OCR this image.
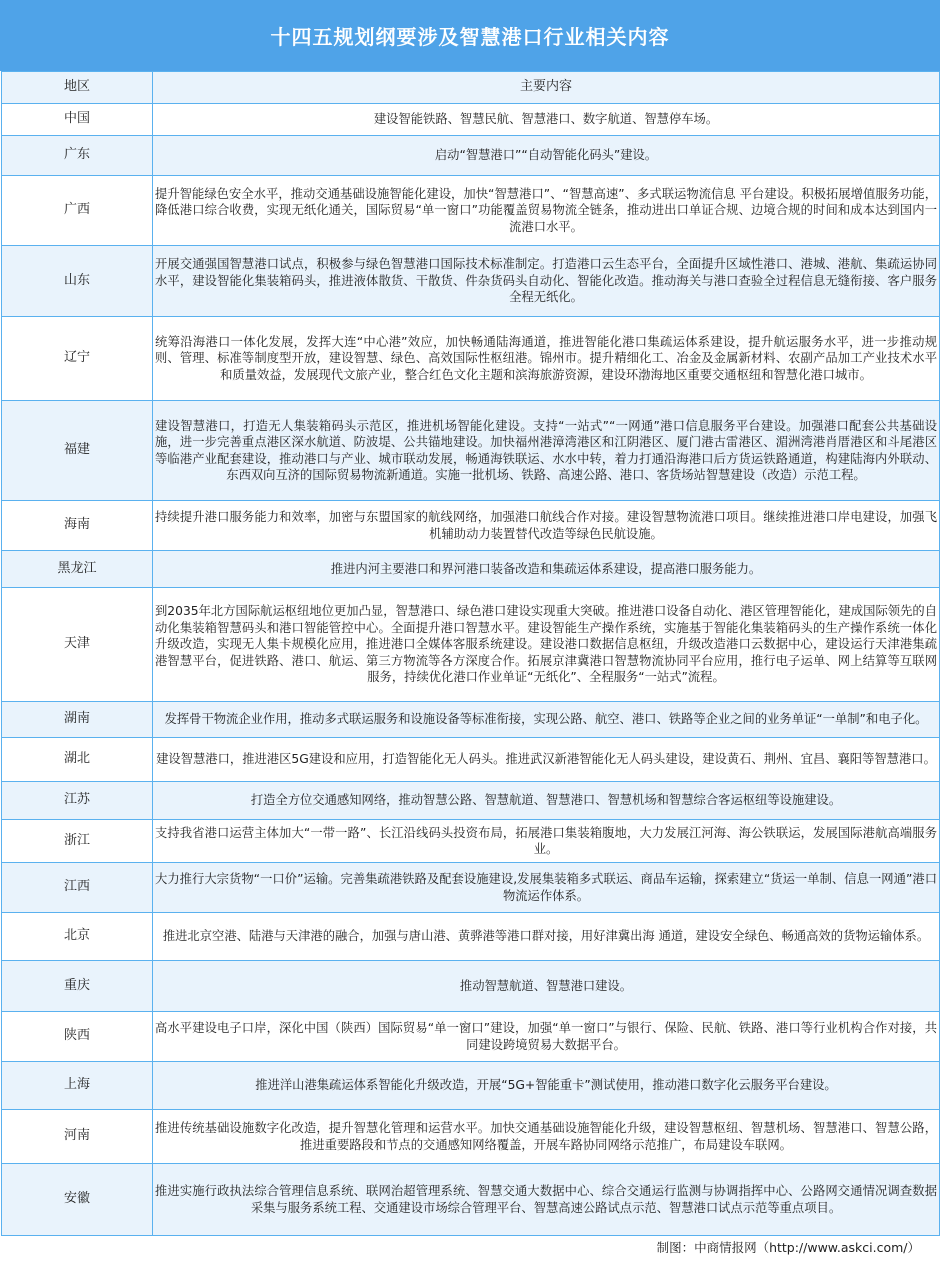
十四五规划纲要涉及智慧港口行业相关内容
地区	主要内容
中国	建设智能铁路、智慧民航、智慧港口、数字航道、智慧停车场。
广东	启动“智慧港口”“自动智能化码头”建设。
广西	提升智能绿色安全水平，推动交通基础设施智能化建设，加快“智慧港口”、“智慧高速”、多式联运物流信息 平台建设。积极拓展增值服务功能，降低港口综合收费，实现无纸化通关，国际贸易“单一窗口”功能覆盖贸易物流全链条，推动进出口单证合规、边境合规的时间和成本达到国内一流港口水平。
山东	开展交通强国智慧港口试点，积极参与绿色智慧港口国际技术标准制定。打造港口云生态平台，全面提升区域性港口、港城、港航、集疏运协同水平，建设智能化集装箱码头，推进液体散货、干散货、件杂货码头自动化、智能化改造。推动海关与港口查验全过程信息无缝衔接、客户服务全程无纸化。
辽宁	统筹沿海港口一体化发展，发挥大连“中心港”效应，加快畅通陆海通道，推进智能化港口集疏运体系建设，提升航运服务水平，进一步推动规则、管理、标准等制度型开放，建设智慧、绿色、高效国际性枢纽港。锦州市。提升精细化工、冶金及金属新材料、农副产品加工产业技术水平和质量效益，发展现代文旅产业，整合红色文化主题和滨海旅游资源，建设环渤海地区重要交通枢纽和智慧化港口城市。
福建	建设智慧港口，打造无人集装箱码头示范区，推进机场智能化建设。支持“一站式”“一网通”港口信息服务平台建设。加强港口配套公共基础设施，进一步完善重点港区深水航道、防波堤、公共锚地建设。加快福州港漳湾港区和江阴港区、厦门港古雷港区、湄洲湾港肖厝港区和斗尾港区等临港产业配套建设，推动港口与产业、城市联动发展，畅通海铁联运、水水中转，着力打通沿海港口后方货运铁路通道，构建陆海内外联动、东西双向互济的国际贸易物流新通道。实施一批机场、铁路、高速公路、港口、客货场站智慧建设（改造）示范工程。
海南	持续提升港口服务能力和效率，加密与东盟国家的航线网络，加强港口航线合作对接。建设智慧物流港口项目。继续推进港口岸电建设，加强飞机辅助动力装置替代改造等绿色民航设施。
黑龙江	推进内河主要港口和界河港口装备改造和集疏运体系建设，提高港口服务能力。
天津	到2035年北方国际航运枢纽地位更加凸显，智慧港口、绿色港口建设实现重大突破。推进港口设备自动化、港区管理智能化，建成国际领先的自动化集装箱智慧码头和港口智能管控中心。全面提升港口智慧水平。建设智能生产操作系统，实施基于智能化集装箱码头的生产操作系统一体化升级改造，实现无人集卡规模化应用，推进港口全媒体客服系统建设。建设港口数据信息枢纽，升级改造港口云数据中心，建设运行天津港集疏港智慧平台，促进铁路、港口、航运、第三方物流等各方深度合作。拓展京津冀港口智慧物流协同平台应用，推行电子运单、网上结算等互联网服务，持续优化港口作业单证“无纸化”、全程服务“一站式”流程。
湖南	发挥骨干物流企业作用，推动多式联运服务和设施设备等标准衔接，实现公路、航空、港口、铁路等企业之间的业务单证“一单制”和电子化。
湖北	建设智慧港口，推进港区5G建设和应用，打造智能化无人码头。推进武汉新港智能化无人码头建设，建设黄石、荆州、宜昌、襄阳等智慧港口。
江苏	打造全方位交通感知网络，推动智慧公路、智慧航道、智慧港口、智慧机场和智慧综合客运枢纽等设施建设。
浙江	支持我省港口运营主体加大“一带一路”、长江沿线码头投资布局，拓展港口集装箱腹地，大力发展江河海、海公铁联运，发展国际港航高端服务业。
江西	大力推行大宗货物“一口价”运输。完善集疏港铁路及配套设施建设,发展集装箱多式联运、商品车运输，探索建立“货运一单制、信息一网通”港口物流运作体系。
北京	推进北京空港、陆港与天津港的融合，加强与唐山港、黄骅港等港口群对接，用好津冀出海 通道，建设安全绿色、畅通高效的货物运输体系。
重庆	推动智慧航道、智慧港口建设。
陕西	高水平建设电子口岸，深化中国（陕西）国际贸易“单一窗口”建设，加强“单一窗口”与银行、保险、民航、铁路、港口等行业机构合作对接，共同建设跨境贸易大数据平台。
上海	推进洋山港集疏运体系智能化升级改造，开展“5G+智能重卡”测试使用，推动港口数字化云服务平台建设。
河南	推进传统基础设施数字化改造，提升智慧化管理和运营水平。加快交通基础设施智能化升级，建设智慧枢纽、智慧机场、智慧港口、智慧公路，推进重要路段和节点的交通感知网络覆盖，开展车路协同网络示范推广，布局建设车联网。
安徽	推进实施行政执法综合管理信息系统、联网治超管理系统、智慧交通大数据中心、综合交通运行监测与协调指挥中心、公路网交通情况调查数据采集与服务系统工程、交通建设市场综合管理平台、智慧高速公路试点示范、智慧港口试点示范等重点项目。
制图：中商情报网（http://www.askci.com/）
